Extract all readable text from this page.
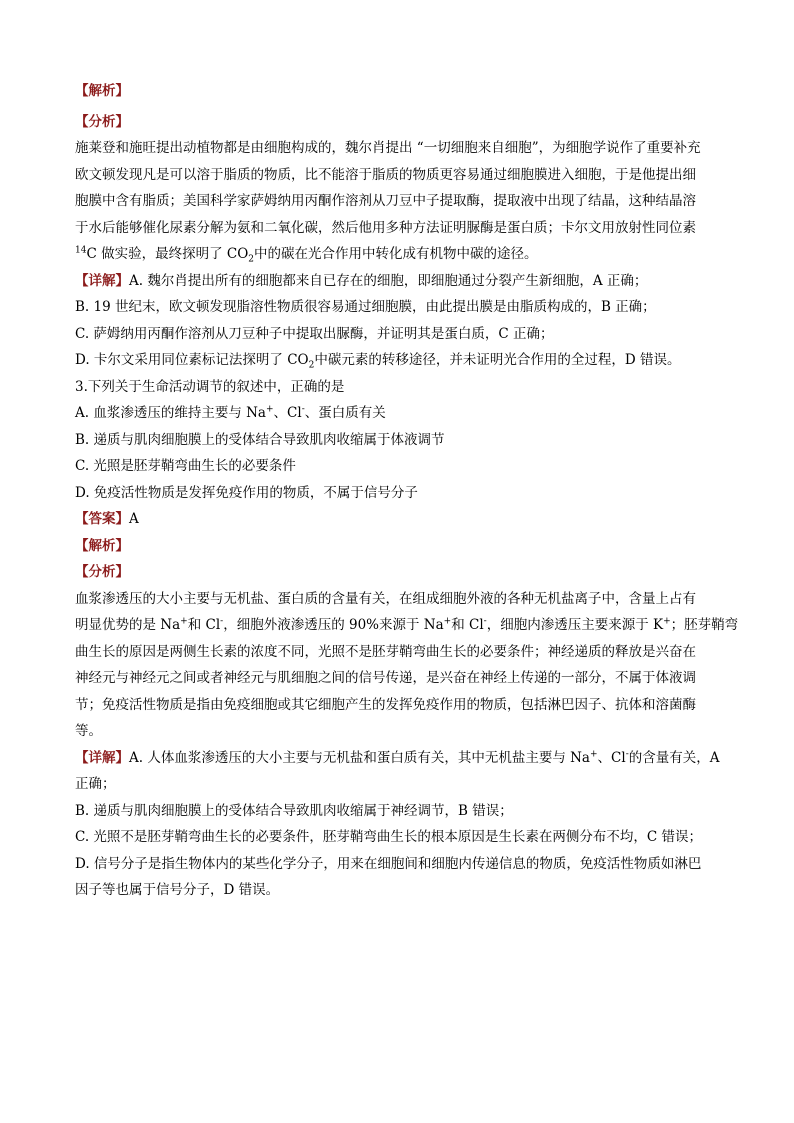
【解析】
【分析】
施莱登和施旺提出动植物都是由细胞构成的，魏尔肖提出 “一切细胞来自细胞”，为细胞学说作了重要补充
欧文顿发现凡是可以溶于脂质的物质，比不能溶于脂质的物质更容易通过细胞膜进入细胞，于是他提出细
胞膜中含有脂质；美国科学家萨姆纳用丙酮作溶剂从刀豆中子提取酶，提取液中出现了结晶，这种结晶溶
于水后能够催化尿素分解为氨和二氧化碳，然后他用多种方法证明脲酶是蛋白质；卡尔文用放射性同位素
$^{14}$C 做实验，最终探明了 $CO_2$中的碳在光合作用中转化成有机物中碳的途径。
【详解】A. 魏尔肖提出所有的细胞都来自已存在的细胞，即细胞通过分裂产生新细胞，A 正确；
B. 19 世纪末，欧文顿发现脂溶性物质很容易通过细胞膜，由此提出膜是由脂质构成的，B 正确；
C. 萨姆纳用丙酮作溶剂从刀豆种子中提取出脲酶，并证明其是蛋白质，C 正确；
D. 卡尔文采用同位素标记法探明了 $CO_2$中碳元素的转移途径，并未证明光合作用的全过程，D 错误。
3.下列关于生命活动调节的叙述中，正确的是
A. 血浆渗透压的维持主要与 Na+、Cl-、蛋白质有关
B. 递质与肌肉细胞膜上的受体结合导致肌肉收缩属于体液调节
C. 光照是胚芽鞘弯曲生长的必要条件
D. 免疫活性物质是发挥免疫作用的物质，不属于信号分子
【答案】A
【解析】
【分析】
血浆渗透压的大小主要与无机盐、蛋白质的含量有关，在组成细胞外液的各种无机盐离子中，含量上占有
明显优势的是 Na+和 Cl-，细胞外液渗透压的 90%来源于 Na+和 Cl-，细胞内渗透压主要来源于 K+；胚芽鞘弯
曲生长的原因是两侧生长素的浓度不同，光照不是胚芽鞘弯曲生长的必要条件；神经递质的释放是兴奋在
神经元与神经元之间或者神经元与肌细胞之间的信号传递，是兴奋在神经上传递的一部分，不属于体液调
节；免疫活性物质是指由免疫细胞或其它细胞产生的发挥免疫作用的物质，包括淋巴因子、抗体和溶菌酶
等。
【详解】A. 人体血浆渗透压的大小主要与无机盐和蛋白质有关，其中无机盐主要与 Na+、Cl-的含量有关，A
正确；
B. 递质与肌肉细胞膜上的受体结合导致肌肉收缩属于神经调节，B 错误；
C. 光照不是胚芽鞘弯曲生长的必要条件，胚芽鞘弯曲生长的根本原因是生长素在两侧分布不均，C 错误；
D. 信号分子是指生物体内的某些化学分子，用来在细胞间和细胞内传递信息的物质，免疫活性物质如淋巴
因子等也属于信号分子，D 错误。
